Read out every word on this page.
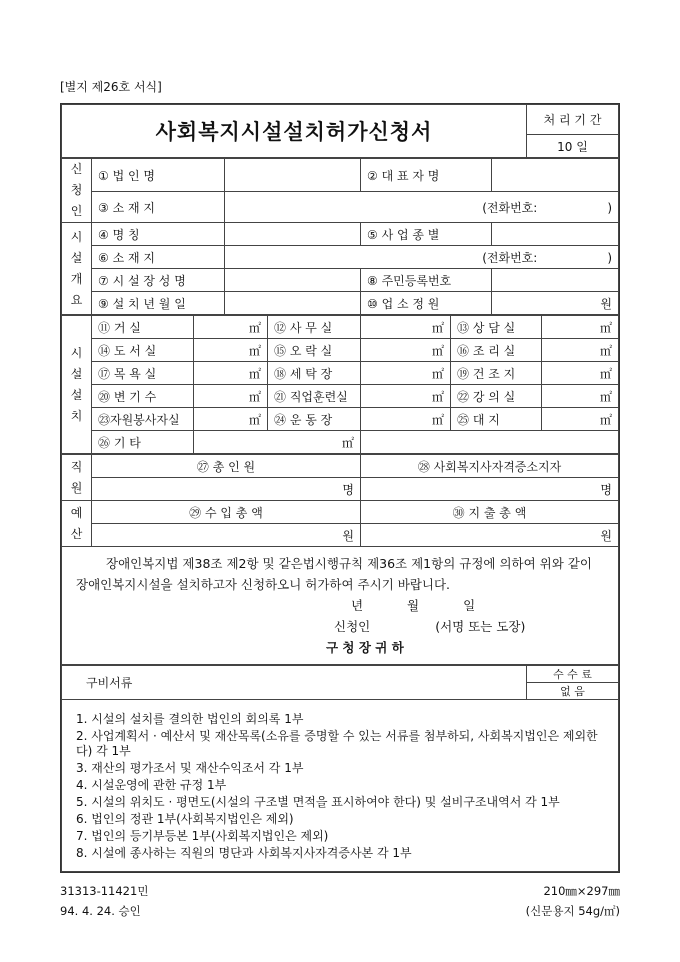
[별지 제26호 서식]
사회복지시설설치허가신청서	처 리 기 간
10 일
신
청
인	① 법 인 명		② 대 표 자 명	
	③ 소 재 지	(전화번호: )		

시
설
개
요	④ 명 칭		⑤ 사 업 종 별	
	⑥ 소 재 지	(전화번호: )		

	⑦ 시 설 장 성 명		⑧ 주민등록번호	
	⑨ 설 치 년 월 일		⑩ 업 소 정 원	원
시
설
설
치	⑪ 거 실	㎡	⑫ 사 무 실	㎡	⑬ 상 담 실	㎡
	⑭ 도 서 실	㎡	⑮ 오 락 실	㎡	⑯ 조 리 실	㎡
	⑰ 목 욕 실	㎡	⑱ 세 탁 장	㎡	⑲ 건 조 지	㎡
	⑳ 변 기 수	㎡	㉑ 직업훈련실	㎡	㉒ 강 의 실	㎡
	㉓자원봉사자실	㎡	㉔ 운 동 장	㎡	㉕ 대 지	㎡
	㉖ 기 타	㎡				
직
원	㉗ 총 인 원	㉘ 사회복지사자격증소지자
	명	명
예
산	㉙ 수 입 총 액	㉚ 지 출 총 액
	원	원

장애인복지법 제38조 제2항 및 같은법시행규칙 제36조 제1항의 규정에 의하여 위와 같이 장애인복지시설을 설치하고자 신청하오니 허가하여 주시기 바랍니다.
년 월 일
신청인 (서명 또는 도장)
구 청 장 귀 하		
구비서류	수 수 료
없 음

1. 시설의 설치를 결의한 법인의 회의록 1부
2. 사업계획서 · 예산서 및 재산목록(소유를 증명할 수 있는 서류를 첨부하되, 사회복지법인은 제외한다) 각 1부
3. 재산의 평가조서 및 재산수익조서 각 1부
4. 시설운영에 관한 규정 1부
5. 시설의 위치도 · 평면도(시설의 구조별 면적을 표시하여야 한다) 및 설비구조내역서 각 1부
6. 법인의 정관 1부(사회복지법인은 제외)
7. 법인의 등기부등본 1부(사회복지법인은 제외)
8. 시설에 종사하는 직원의 명단과 사회복지사자격증사본 각 1부
31313-11421민	210㎜×297㎜
94. 4. 24. 승인	(신문용지 54g/㎡)
